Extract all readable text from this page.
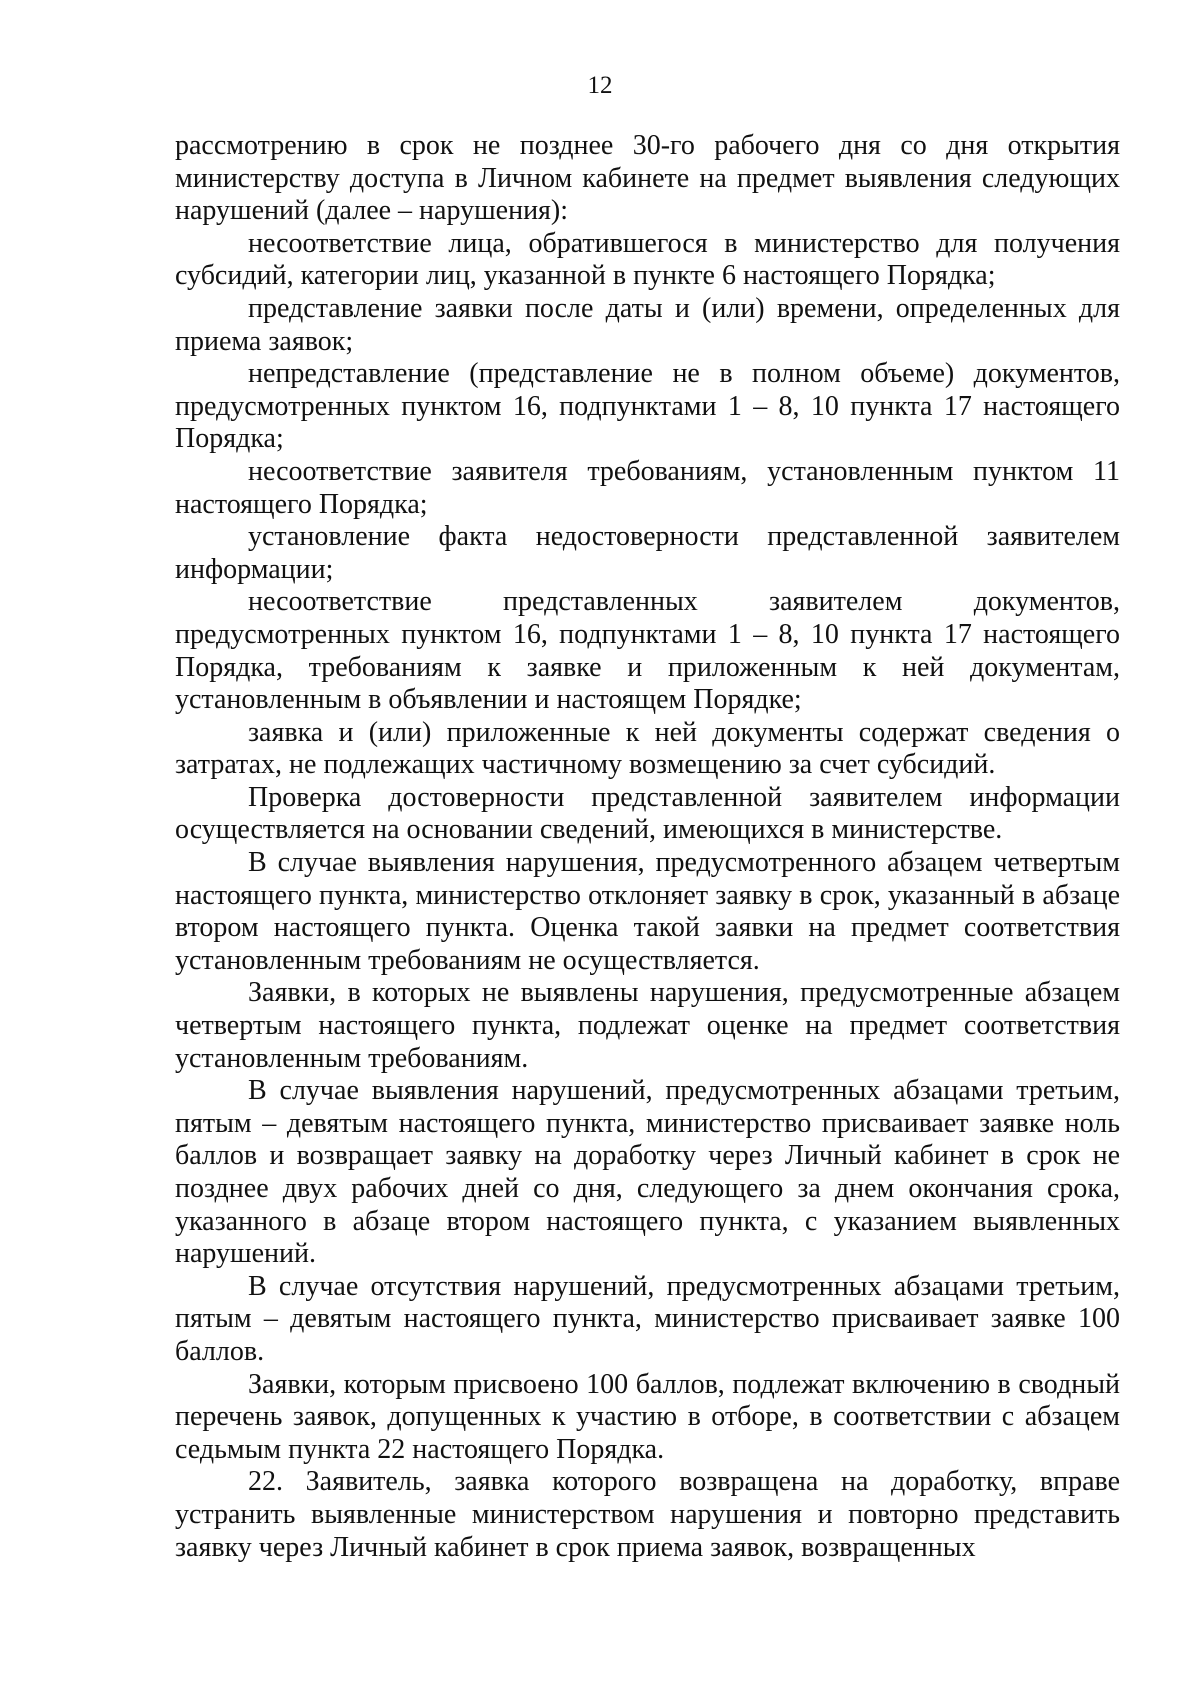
12

рассмотрению в срок не позднее 30-го рабочего дня со дня открытия министерству доступа в Личном кабинете на предмет выявления следующих нарушений (далее – нарушения):

несоответствие лица, обратившегося в министерство для получения субсидий, категории лиц, указанной в пункте 6 настоящего Порядка;

представление заявки после даты и (или) времени, определенных для приема заявок;

непредставление (представление не в полном объеме) документов, предусмотренных пунктом 16, подпунктами 1 – 8, 10 пункта 17 настоящего Порядка;

несоответствие заявителя требованиям, установленным пунктом 11 настоящего Порядка;

установление факта недостоверности представленной заявителем информации;

несоответствие представленных заявителем документов, предусмотренных пунктом 16, подпунктами 1 – 8, 10 пункта 17 настоящего Порядка, требованиям к заявке и приложенным к ней документам, установленным в объявлении и настоящем Порядке;

заявка и (или) приложенные к ней документы содержат сведения о затратах, не подлежащих частичному возмещению за счет субсидий.

Проверка достоверности представленной заявителем информации осуществляется на основании сведений, имеющихся в министерстве.

В случае выявления нарушения, предусмотренного абзацем четвертым настоящего пункта, министерство отклоняет заявку в срок, указанный в абзаце втором настоящего пункта. Оценка такой заявки на предмет соответствия установленным требованиям не осуществляется.

Заявки, в которых не выявлены нарушения, предусмотренные абзацем четвертым настоящего пункта, подлежат оценке на предмет соответствия установленным требованиям.

В случае выявления нарушений, предусмотренных абзацами третьим, пятым – девятым настоящего пункта, министерство присваивает заявке ноль баллов и возвращает заявку на доработку через Личный кабинет в срок не позднее двух рабочих дней со дня, следующего за днем окончания срока, указанного в абзаце втором настоящего пункта, с указанием выявленных нарушений.

В случае отсутствия нарушений, предусмотренных абзацами третьим, пятым – девятым настоящего пункта, министерство присваивает заявке 100 баллов.

Заявки, которым присвоено 100 баллов, подлежат включению в сводный перечень заявок, допущенных к участию в отборе, в соответствии с абзацем седьмым пункта 22 настоящего Порядка.

22. Заявитель, заявка которого возвращена на доработку, вправе устранить выявленные министерством нарушения и повторно представить заявку через Личный кабинет в срок приема заявок, возвращенных
